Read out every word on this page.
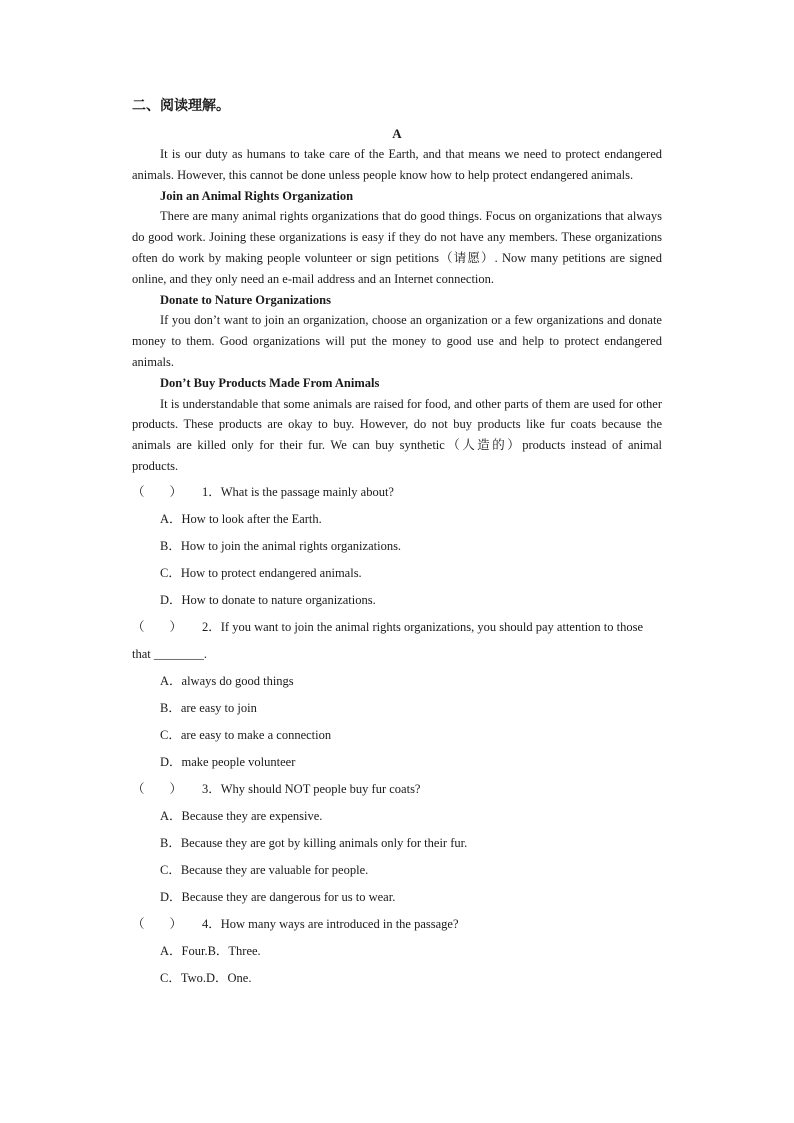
二、阅读理解。
A

It is our duty as humans to take care of the Earth, and that means we need to protect endangered animals. However, this cannot be done unless people know how to help protect endangered animals.

Join an Animal Rights Organization

There are many animal rights organizations that do good things. Focus on organizations that always do good work. Joining these organizations is easy if they do not have any members. These organizations often do work by making people volunteer or sign petitions（请愿）. Now many petitions are signed online, and they only need an e-mail address and an Internet connection.

Donate to Nature Organizations

If you don’t want to join an organization, choose an organization or a few organizations and donate money to them. Good organizations will put the money to good use and help to protect endangered animals.

Don’t Buy Products Made From Animals

It is understandable that some animals are raised for food, and other parts of them are used for other products. These products are okay to buy. However, do not buy products like fur coats because the animals are killed only for their fur. We can buy synthetic（人造的）products instead of animal products.

（　　） 1．What is the passage mainly about?

A．How to look after the Earth.

B．How to join the animal rights organizations.

C．How to protect endangered animals.

D．How to donate to nature organizations.

（　　） 2．If you want to join the animal rights organizations, you should pay attention to those that ________.

A．always do good things

B．are easy to join

C．are easy to make a connection

D．make people volunteer

（　　） 3．Why should NOT people buy fur coats?

A．Because they are expensive.

B．Because they are got by killing animals only for their fur.

C．Because they are valuable for people.

D．Because they are dangerous for us to wear.

（　　） 4．How many ways are introduced in the passage?

A．Four.B．Three.

C．Two.D．One.
